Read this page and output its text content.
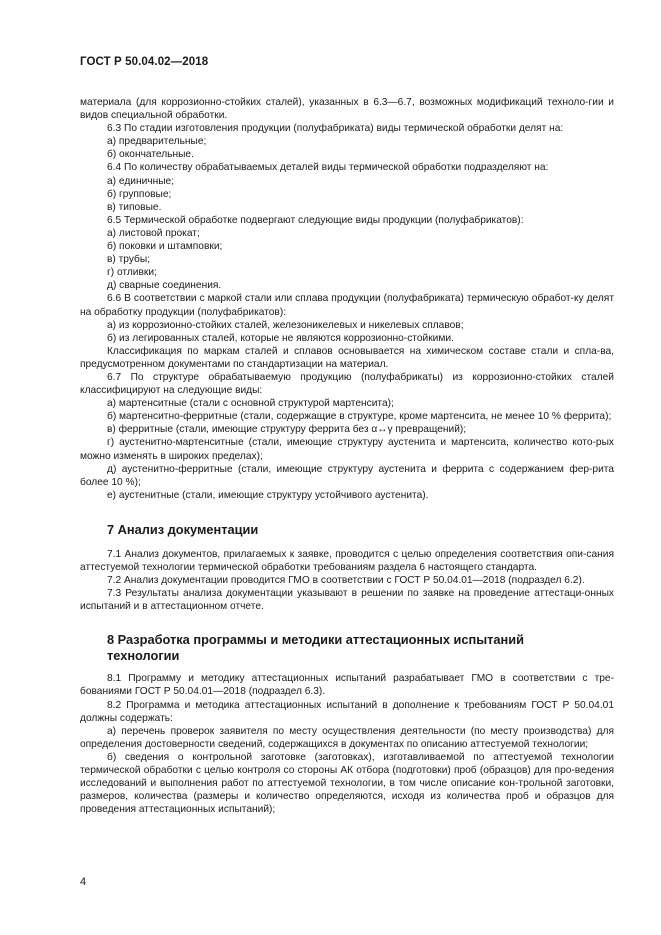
ГОСТ Р 50.04.02—2018

материала (для коррозионно-стойких сталей), указанных в 6.3—6.7, возможных модификаций техноло-гии и видов специальной обработки.

6.3 По стадии изготовления продукции (полуфабриката) виды термической обработки делят на:

а) предварительные;

б) окончательные.

6.4 По количеству обрабатываемых деталей виды термической обработки подразделяют на:

а) единичные;

б) групповые;

в) типовые.

6.5 Термической обработке подвергают следующие виды продукции (полуфабрикатов):

а) листовой прокат;

б) поковки и штамповки;

в) трубы;

г) отливки;

д) сварные соединения.

6.6 В соответствии с маркой стали или сплава продукции (полуфабриката) термическую обработ-ку делят на обработку продукции (полуфабрикатов):

а) из коррозионно-стойких сталей, железоникелевых и никелевых сплавов;

б) из легированных сталей, которые не являются коррозионно-стойкими.

Классификация по маркам сталей и сплавов основывается на химическом составе стали и спла-ва, предусмотренном документами по стандартизации на материал.

6.7 По структуре обрабатываемую продукцию (полуфабрикаты) из коррозионно-стойких сталей классифицируют на следующие виды:

а) мартенситные (стали с основной структурой мартенсита);

б) мартенситно-ферритные (стали, содержащие в структуре, кроме мартенсита, не менее 10 % феррита);

в) ферритные (стали, имеющие структуру феррита без α↔γ превращений);

г) аустенитно-мартенситные (стали, имеющие структуру аустенита и мартенсита, количество кото-рых можно изменять в широких пределах);

д) аустенитно-ферритные (стали, имеющие структуру аустенита и феррита с содержанием фер-рита более 10 %);

е) аустенитные (стали, имеющие структуру устойчивого аустенита).

7 Анализ документации

7.1 Анализ документов, прилагаемых к заявке, проводится с целью определения соответствия опи-сания аттестуемой технологии термической обработки требованиям раздела 6 настоящего стандарта.

7.2 Анализ документации проводится ГМО в соответствии с ГОСТ Р 50.04.01—2018 (подраздел 6.2).

7.3 Результаты анализа документации указывают в решении по заявке на проведение аттестаци-онных испытаний и в аттестационном отчете.

8 Разработка программы и методики аттестационных испытаний
технологии

8.1 Программу и методику аттестационных испытаний разрабатывает ГМО в соответствии с тре-бованиями ГОСТ Р 50.04.01—2018 (подраздел 6.3).

8.2 Программа и методика аттестационных испытаний в дополнение к требованиям ГОСТ Р 50.04.01 должны содержать:

а) перечень проверок заявителя по месту осуществления деятельности (по месту производства) для определения достоверности сведений, содержащихся в документах по описанию аттестуемой технологии;

б) сведения о контрольной заготовке (заготовках), изготавливаемой по аттестуемой технологии термической обработки с целью контроля со стороны АК отбора (подготовки) проб (образцов) для про-ведения исследований и выполнения работ по аттестуемой технологии, в том числе описание кон-трольной заготовки, размеров, количества (размеры и количество определяются, исходя из количества проб и образцов для проведения аттестационных испытаний);

4
